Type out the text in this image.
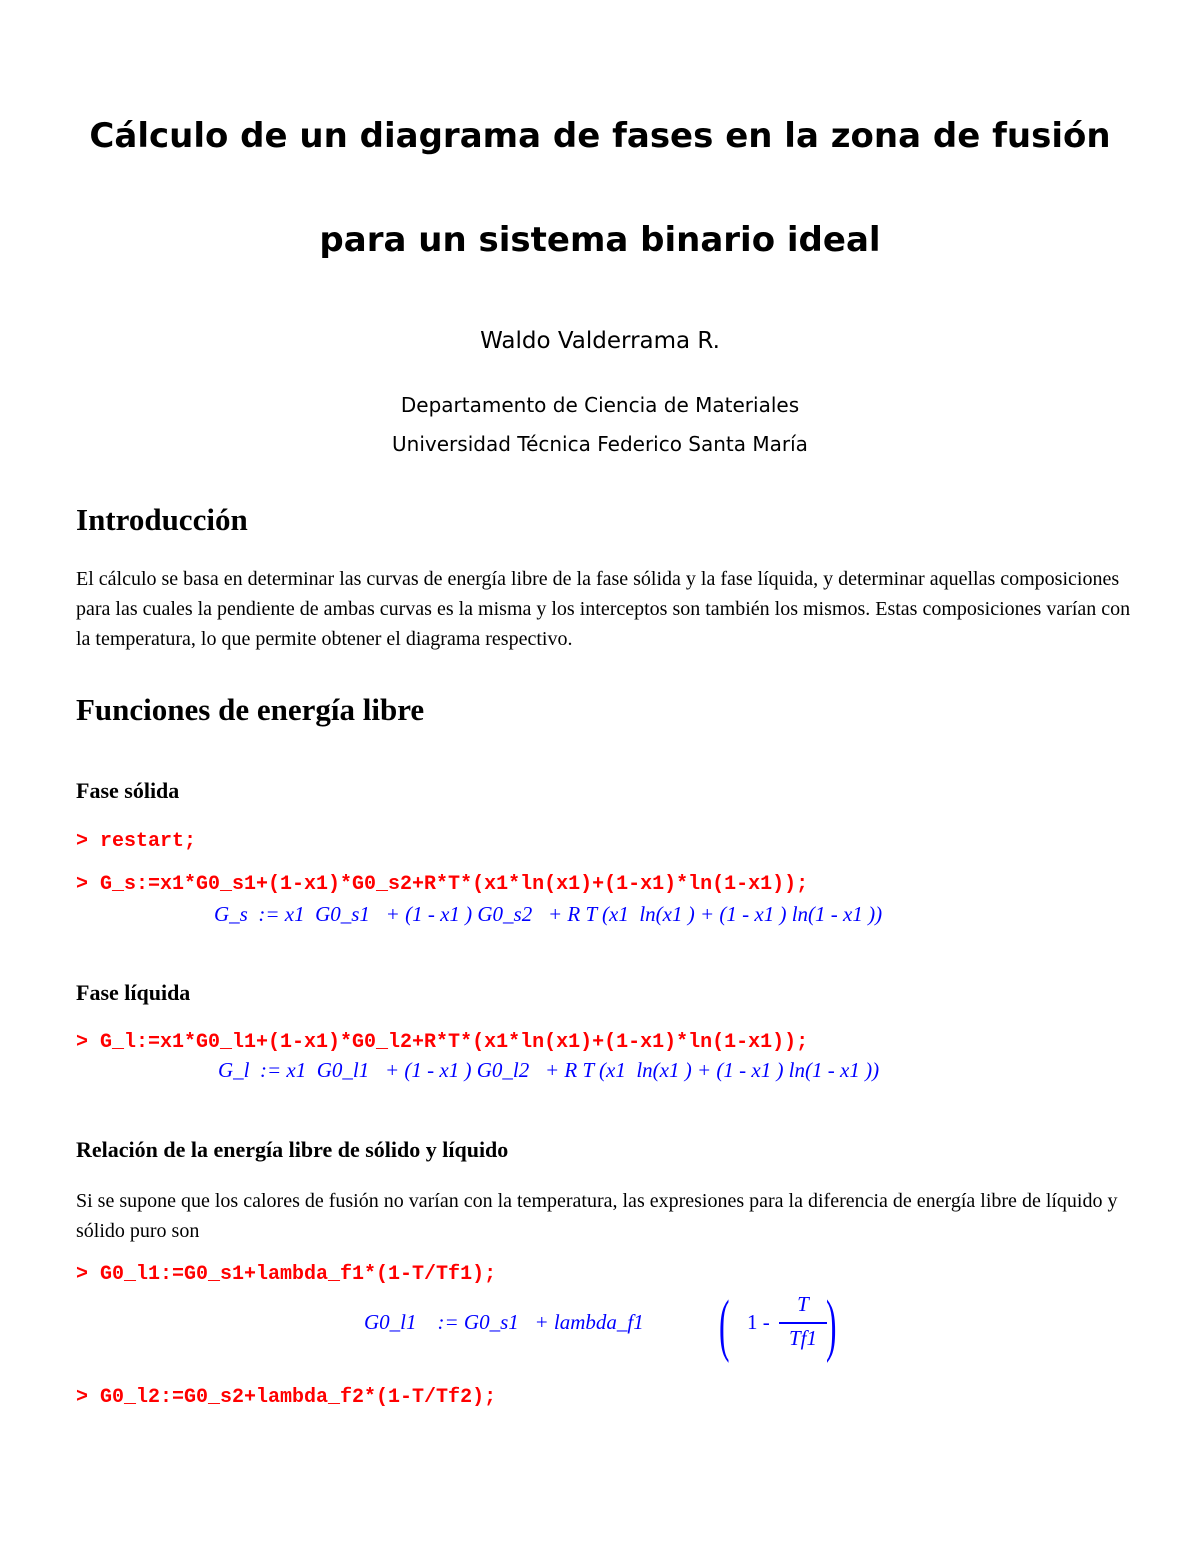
Cálculo de un diagrama de fases en la zona de fusión
para un sistema binario ideal
Waldo Valderrama R.
Departamento de Ciencia de Materiales
Universidad Técnica Federico Santa María
Introducción
El cálculo se basa en determinar las curvas de energía libre de la fase sólida y la fase líquida, y determinar aquellas composiciones para las cuales la pendiente de ambas curvas es la misma y los interceptos son también los mismos. Estas composiciones varían con la temperatura, lo que permite obtener el diagrama respectivo.
Funciones de energía libre
Fase sólida
> restart;
> G_s:=x1*G0_s1+(1-x1)*G0_s2+R*T*(x1*ln(x1)+(1-x1)*ln(1-x1));
G_s  := x1  G0_s1   + (1 - x1 ) G0_s2   + R T (x1  ln(x1 ) + (1 - x1 ) ln(1 - x1 ))
Fase líquida
> G_l:=x1*G0_l1+(1-x1)*G0_l2+R*T*(x1*ln(x1)+(1-x1)*ln(1-x1));
G_l  := x1  G0_l1   + (1 - x1 ) G0_l2   + R T (x1  ln(x1 ) + (1 - x1 ) ln(1 - x1 ))
Relación de la energía libre de sólido y líquido
Si se supone que los calores de fusión no varían con la temperatura, las expresiones para la diferencia de energía libre de líquido y sólido puro son
> G0_l1:=G0_s1+lambda_f1*(1-T/Tf1);
G0_l1    := G0_s1   + lambda_f1 ( 1 -
T
Tf1 )
> G0_l2:=G0_s2+lambda_f2*(1-T/Tf2);
